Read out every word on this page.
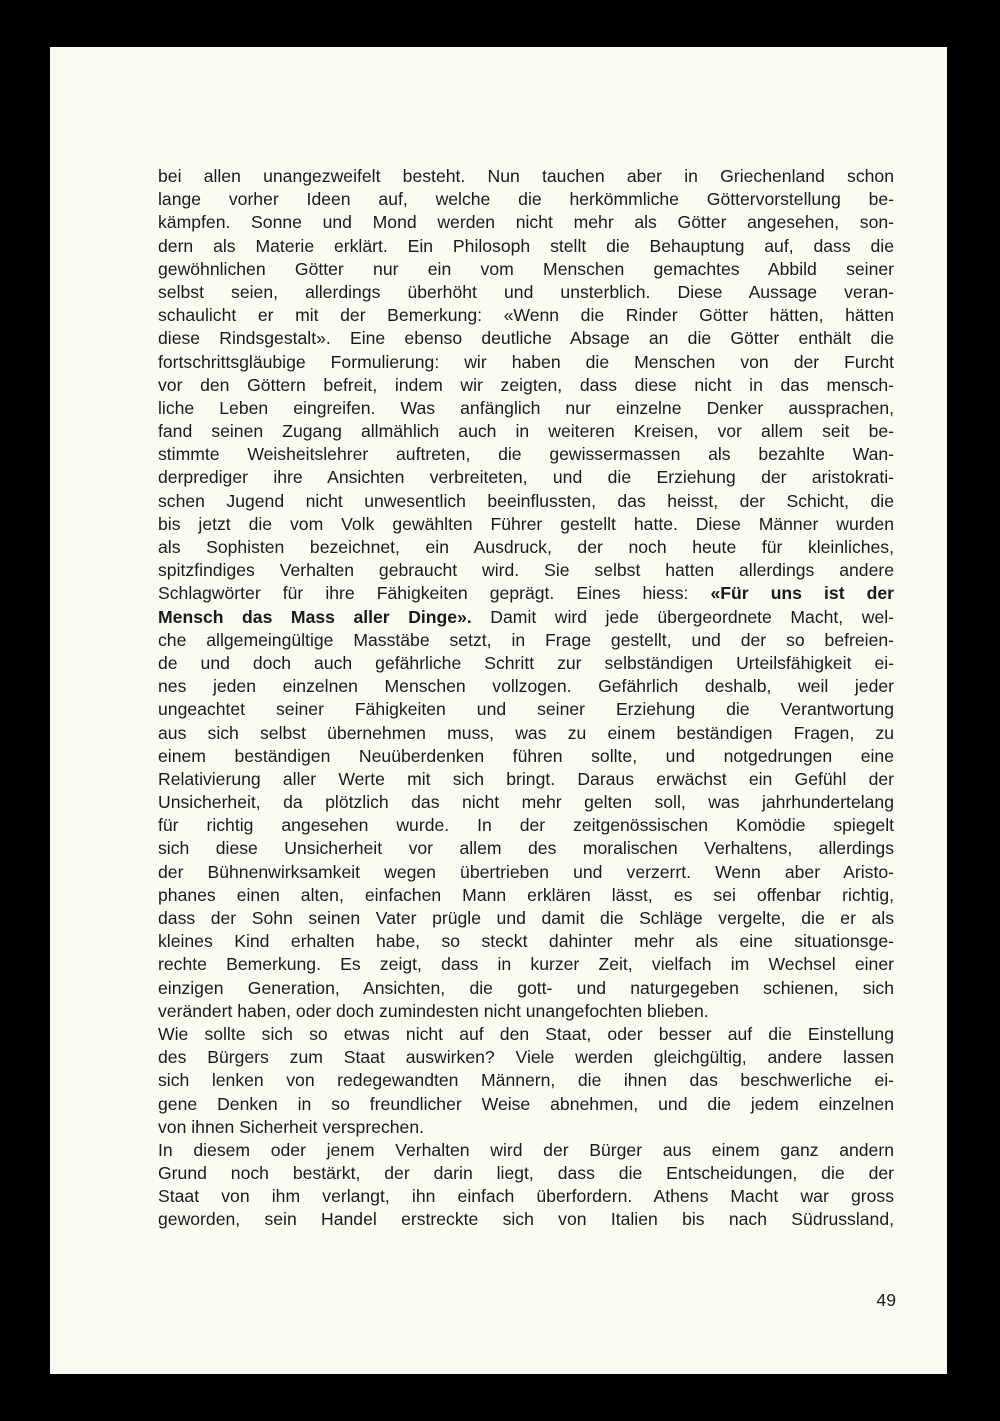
bei allen unangezweifelt besteht. Nun tauchen aber in Griechenland schon
lange vorher Ideen auf, welche die herkömmliche Göttervorstellung be-
kämpfen. Sonne und Mond werden nicht mehr als Götter angesehen, son-
dern als Materie erklärt. Ein Philosoph stellt die Behauptung auf, dass die
gewöhnlichen Götter nur ein vom Menschen gemachtes Abbild seiner
selbst seien, allerdings überhöht und unsterblich. Diese Aussage veran-
schaulicht er mit der Bemerkung: «Wenn die Rinder Götter hätten, hätten
diese Rindsgestalt». Eine ebenso deutliche Absage an die Götter enthält die
fortschrittsgläubige Formulierung: wir haben die Menschen von der Furcht
vor den Göttern befreit, indem wir zeigten, dass diese nicht in das mensch-
liche Leben eingreifen. Was anfänglich nur einzelne Denker aussprachen,
fand seinen Zugang allmählich auch in weiteren Kreisen, vor allem seit be-
stimmte Weisheitslehrer auftreten, die gewissermassen als bezahlte Wan-
derprediger ihre Ansichten verbreiteten, und die Erziehung der aristokrati-
schen Jugend nicht unwesentlich beeinflussten, das heisst, der Schicht, die
bis jetzt die vom Volk gewählten Führer gestellt hatte. Diese Männer wurden
als Sophisten bezeichnet, ein Ausdruck, der noch heute für kleinliches,
spitzfindiges Verhalten gebraucht wird. Sie selbst hatten allerdings andere
Schlagwörter für ihre Fähigkeiten geprägt. Eines hiess: «Für uns ist der
Mensch das Mass aller Dinge». Damit wird jede übergeordnete Macht, wel-
che allgemeingültige Masstäbe setzt, in Frage gestellt, und der so befreien-
de und doch auch gefährliche Schritt zur selbständigen Urteilsfähigkeit ei-
nes jeden einzelnen Menschen vollzogen. Gefährlich deshalb, weil jeder
ungeachtet seiner Fähigkeiten und seiner Erziehung die Verantwortung
aus sich selbst übernehmen muss, was zu einem beständigen Fragen, zu
einem beständigen Neuüberdenken führen sollte, und notgedrungen eine
Relativierung aller Werte mit sich bringt. Daraus erwächst ein Gefühl der
Unsicherheit, da plötzlich das nicht mehr gelten soll, was jahrhundertelang
für richtig angesehen wurde. In der zeitgenössischen Komödie spiegelt
sich diese Unsicherheit vor allem des moralischen Verhaltens, allerdings
der Bühnenwirksamkeit wegen übertrieben und verzerrt. Wenn aber Aristo-
phanes einen alten, einfachen Mann erklären lässt, es sei offenbar richtig,
dass der Sohn seinen Vater prügle und damit die Schläge vergelte, die er als
kleines Kind erhalten habe, so steckt dahinter mehr als eine situationsge-
rechte Bemerkung. Es zeigt, dass in kurzer Zeit, vielfach im Wechsel einer
einzigen Generation, Ansichten, die gott- und naturgegeben schienen, sich
verändert haben, oder doch zumindesten nicht unangefochten blieben.
Wie sollte sich so etwas nicht auf den Staat, oder besser auf die Einstellung
des Bürgers zum Staat auswirken? Viele werden gleichgültig, andere lassen
sich lenken von redegewandten Männern, die ihnen das beschwerliche ei-
gene Denken in so freundlicher Weise abnehmen, und die jedem einzelnen
von ihnen Sicherheit versprechen.
In diesem oder jenem Verhalten wird der Bürger aus einem ganz andern
Grund noch bestärkt, der darin liegt, dass die Entscheidungen, die der
Staat von ihm verlangt, ihn einfach überfordern. Athens Macht war gross
geworden, sein Handel erstreckte sich von Italien bis nach Südrussland,
49
